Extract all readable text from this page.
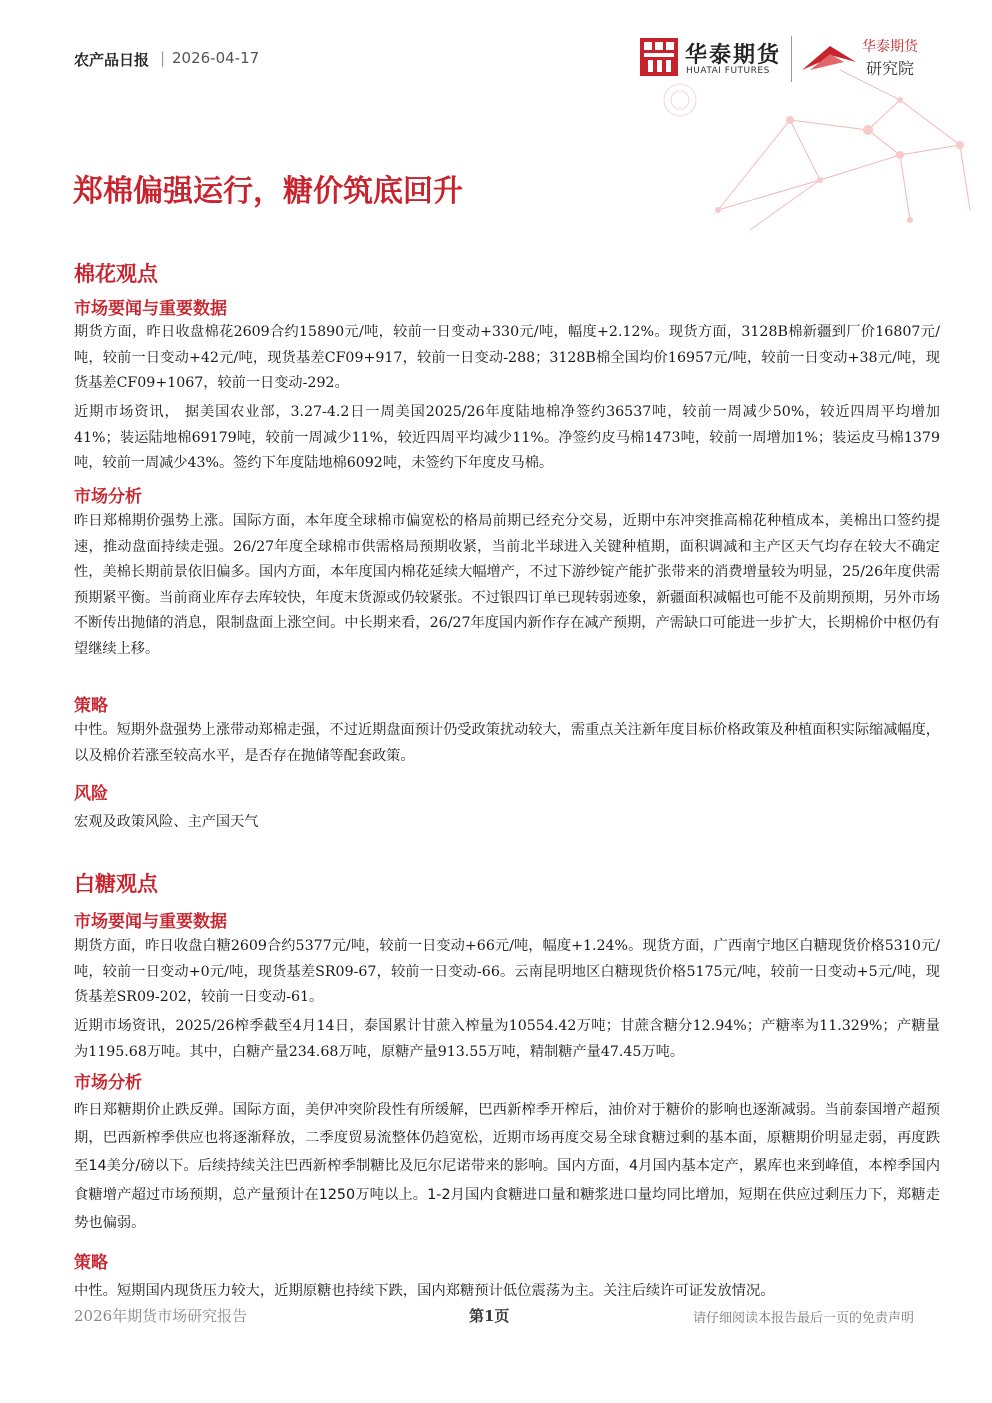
农产品日报 | 2026-04-17	华泰期货
HUATAI FUTURES
华泰期货
研究院
郑棉偏强运行，糖价筑底回升
棉花观点
市场要闻与重要数据

期货方面，昨日收盘棉花2609合约15890元/吨，较前一日变动+330元/吨，幅度+2.12%。现货方面，3128B棉新疆到厂价16807元/吨，较前一日变动+42元/吨，现货基差CF09+917，较前一日变动-288；3128B棉全国均价16957元/吨，较前一日变动+38元/吨，现货基差CF09+1067，较前一日变动-292。

近期市场资讯， 据美国农业部，3.27-4.2日一周美国2025/26年度陆地棉净签约36537吨，较前一周减少50%，较近四周平均增加41%；装运陆地棉69179吨，较前一周减少11%，较近四周平均减少11%。净签约皮马棉1473吨，较前一周增加1%；装运皮马棉1379吨，较前一周减少43%。签约下年度陆地棉6092吨，未签约下年度皮马棉。

市场分析

昨日郑棉期价强势上涨。国际方面，本年度全球棉市偏宽松的格局前期已经充分交易，近期中东冲突推高棉花种植成本，美棉出口签约提速，推动盘面持续走强。26/27年度全球棉市供需格局预期收紧，当前北半球进入关键种植期，面积调减和主产区天气均存在较大不确定性，美棉长期前景依旧偏多。国内方面，本年度国内棉花延续大幅增产，不过下游纱锭产能扩张带来的消费增量较为明显，25/26年度供需预期紧平衡。当前商业库存去库较快，年度末货源或仍较紧张。不过银四订单已现转弱迹象，新疆面积减幅也可能不及前期预期，另外市场不断传出抛储的消息，限制盘面上涨空间。中长期来看，26/27年度国内新作存在减产预期，产需缺口可能进一步扩大，长期棉价中枢仍有望继续上移。

策略

中性。短期外盘强势上涨带动郑棉走强，不过近期盘面预计仍受政策扰动较大，需重点关注新年度目标价格政策及种植面积实际缩减幅度，以及棉价若涨至较高水平，是否存在抛储等配套政策。

风险

宏观及政策风险、主产国天气

白糖观点
市场要闻与重要数据

期货方面，昨日收盘白糖2609合约5377元/吨，较前一日变动+66元/吨，幅度+1.24%。现货方面，广西南宁地区白糖现货价格5310元/吨，较前一日变动+0元/吨，现货基差SR09-67，较前一日变动-66。云南昆明地区白糖现货价格5175元/吨，较前一日变动+5元/吨，现货基差SR09-202，较前一日变动-61。

近期市场资讯，2025/26榨季截至4月14日，泰国累计甘蔗入榨量为10554.42万吨；甘蔗含糖分12.94%；产糖率为11.329%；产糖量为1195.68万吨。其中，白糖产量234.68万吨，原糖产量913.55万吨，精制糖产量47.45万吨。

市场分析

昨日郑糖期价止跌反弹。国际方面，美伊冲突阶段性有所缓解，巴西新榨季开榨后，油价对于糖价的影响也逐渐减弱。当前泰国增产超预期，巴西新榨季供应也将逐渐释放，二季度贸易流整体仍趋宽松，近期市场再度交易全球食糖过剩的基本面，原糖期价明显走弱，再度跌至14美分/磅以下。后续持续关注巴西新榨季制糖比及厄尔尼诺带来的影响。国内方面，4月国内基本定产，累库也来到峰值，本榨季国内食糖增产超过市场预期，总产量预计在1250万吨以上。1-2月国内食糖进口量和糖浆进口量均同比增加，短期在供应过剩压力下，郑糖走势也偏弱。

策略

中性。短期国内现货压力较大，近期原糖也持续下跌，国内郑糖预计低位震荡为主。关注后续许可证发放情况。

2026年期货市场研究报告	第1页	请仔细阅读本报告最后一页的免责声明
